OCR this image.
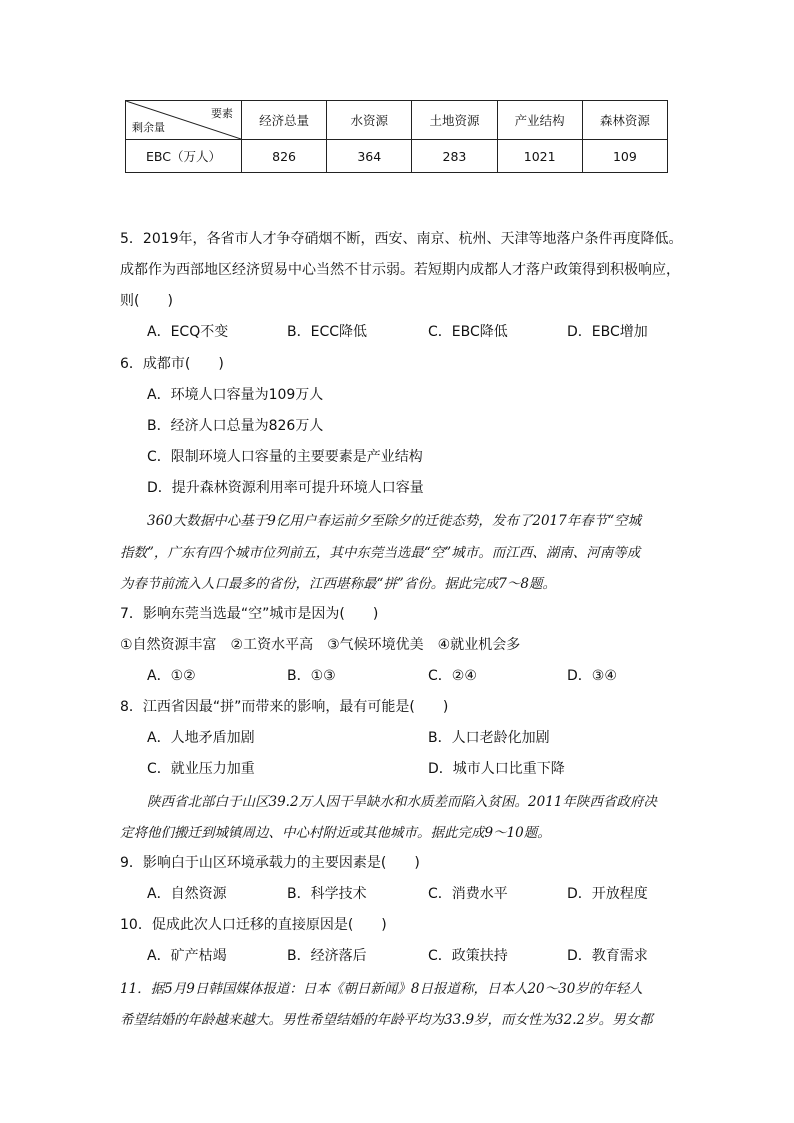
要素
剩余量	经济总量	水资源	土地资源	产业结构	森林资源
EBC（万人）	826	364	283	1021	109
5．2019年，各省市人才争夺硝烟不断，西安、南京、杭州、天津等地落户条件再度降低。
成都作为西部地区经济贸易中心当然不甘示弱。若短期内成都人才落户政策得到积极响应，
则(　　)
A．ECQ不变	B．ECC降低	C．EBC降低	D．EBC增加
6．成都市(　　)
A．环境人口容量为109万人
B．经济人口总量为826万人
C．限制环境人口容量的主要要素是产业结构
D．提升森林资源利用率可提升环境人口容量
360大数据中心基于9亿用户春运前夕至除夕的迁徙态势，发布了2017年春节“空城
指数”，广东有四个城市位列前五，其中东莞当选最“空”城市。而江西、湖南、河南等成
为春节前流入人口最多的省份，江西堪称最“拼”省份。据此完成7～8题。
7．影响东莞当选最“空”城市是因为(　　)
①自然资源丰富　②工资水平高　③气候环境优美　④就业机会多
A．①②	B．①③	C．②④	D．③④
8．江西省因最“拼”而带来的影响，最有可能是(　　)
A．人地矛盾加剧	B．人口老龄化加剧
C．就业压力加重	D．城市人口比重下降
陕西省北部白于山区39.2万人因干旱缺水和水质差而陷入贫困。2011年陕西省政府决
定将他们搬迁到城镇周边、中心村附近或其他城市。据此完成9～10题。
9．影响白于山区环境承载力的主要因素是(　　)
A．自然资源	B．科学技术	C．消费水平	D．开放程度
10．促成此次人口迁移的直接原因是(　　)
A．矿产枯竭	B．经济落后	C．政策扶持	D．教育需求
11．据5月9日韩国媒体报道：日本《朝日新闻》8日报道称，日本人20～30岁的年轻人
希望结婚的年龄越来越大。男性希望结婚的年龄平均为33.9岁，而女性为32.2岁。男女都
